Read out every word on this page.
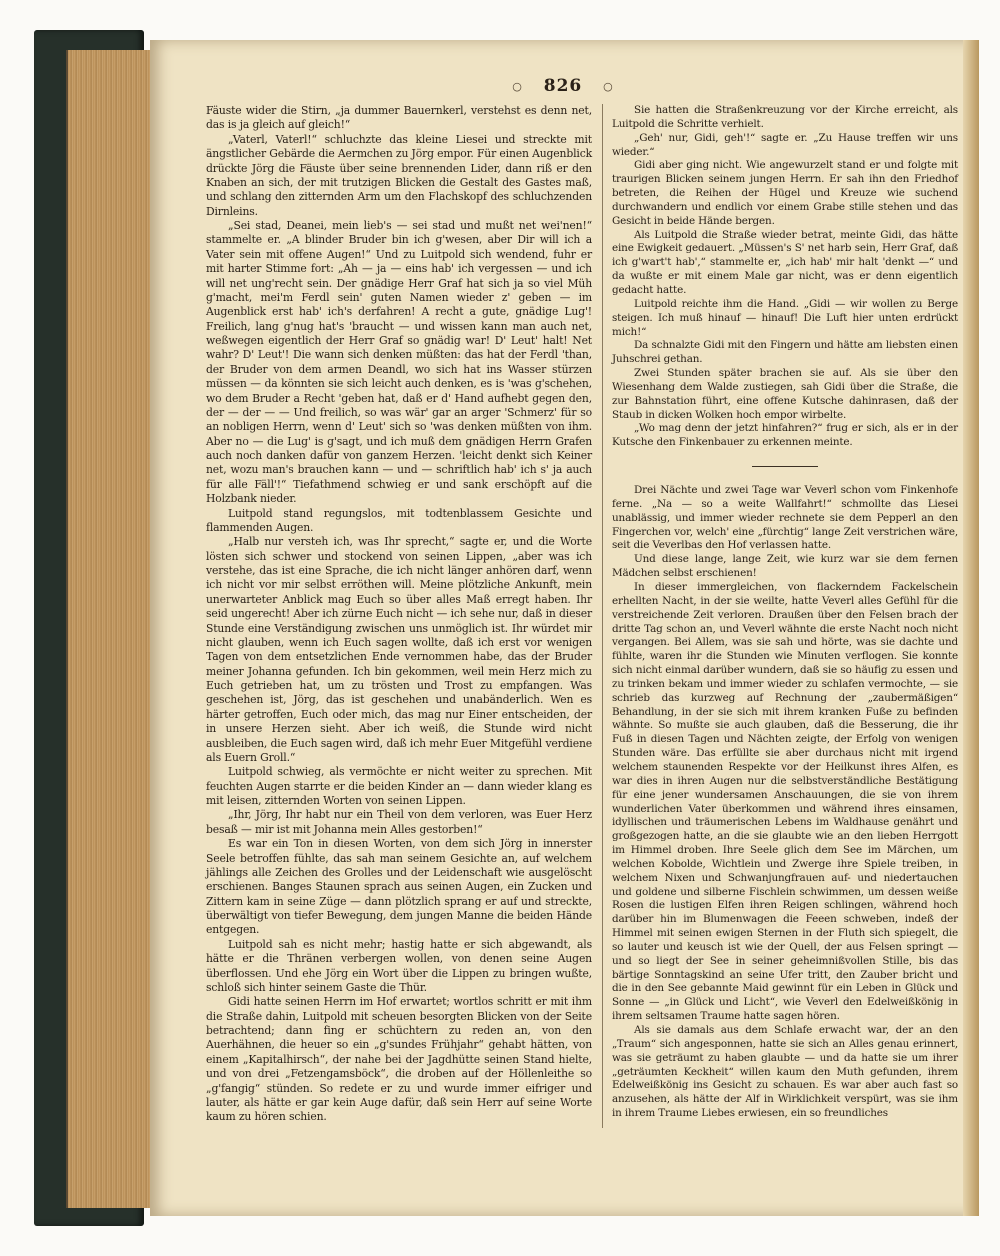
○ 826 ○

Fäuste wider die Stirn, „ja dummer Bauernkerl, verstehst es denn net, das is ja gleich auf gleich!“

„Vaterl, Vaterl!“ schluchzte das kleine Liesei und streckte mit ängstlicher Gebärde die Aermchen zu Jörg empor. Für einen Augenblick drückte Jörg die Fäuste über seine brennenden Lider, dann riß er den Knaben an sich, der mit trutzigen Blicken die Gestalt des Gastes maß, und schlang den zitternden Arm um den Flachskopf des schluchzenden Dirnleins.

„Sei stad, Deanei, mein lieb's — sei stad und mußt net wei'nen!“ stammelte er. „A blinder Bruder bin ich g'wesen, aber Dir will ich a Vater sein mit offene Augen!“ Und zu Luitpold sich wendend, fuhr er mit harter Stimme fort: „Ah — ja — eins hab' ich vergessen — und ich will net ung'recht sein. Der gnädige Herr Graf hat sich ja so viel Müh g'macht, mei'm Ferdl sein' guten Namen wieder z' geben — im Augenblick erst hab' ich's derfahren! A recht a gute, gnädige Lug'! Freilich, lang g'nug hat's 'braucht — und wissen kann man auch net, weßwegen eigentlich der Herr Graf so gnädig war! D' Leut' halt! Net wahr? D' Leut'! Die wann sich denken müßten: das hat der Ferdl 'than, der Bruder von dem armen Deandl, wo sich hat ins Wasser stürzen müssen — da könnten sie sich leicht auch denken, es is 'was g'schehen, wo dem Bruder a Recht 'geben hat, daß er d' Hand aufhebt gegen den, der — der — — Und freilich, so was wär' gar an arger 'Schmerz' für so an nobligen Herrn, wenn d' Leut' sich so 'was denken müßten von ihm. Aber no — die Lug' is g'sagt, und ich muß dem gnädigen Herrn Grafen auch noch danken dafür von ganzem Herzen. 'leicht denkt sich Keiner net, wozu man's brauchen kann — und — schriftlich hab' ich s' ja auch für alle Fäll'!“ Tiefathmend schwieg er und sank erschöpft auf die Holzbank nieder.

Luitpold stand regungslos, mit todtenblassem Gesichte und flammenden Augen.

„Halb nur versteh ich, was Ihr sprecht,“ sagte er, und die Worte lösten sich schwer und stockend von seinen Lippen, „aber was ich verstehe, das ist eine Sprache, die ich nicht länger anhören darf, wenn ich nicht vor mir selbst erröthen will. Meine plötzliche Ankunft, mein unerwarteter Anblick mag Euch so über alles Maß erregt haben. Ihr seid ungerecht! Aber ich zürne Euch nicht — ich sehe nur, daß in dieser Stunde eine Verständigung zwischen uns unmöglich ist. Ihr würdet mir nicht glauben, wenn ich Euch sagen wollte, daß ich erst vor wenigen Tagen von dem entsetzlichen Ende vernommen habe, das der Bruder meiner Johanna gefunden. Ich bin gekommen, weil mein Herz mich zu Euch getrieben hat, um zu trösten und Trost zu empfangen. Was geschehen ist, Jörg, das ist geschehen und unabänderlich. Wen es härter getroffen, Euch oder mich, das mag nur Einer entscheiden, der in unsere Herzen sieht. Aber ich weiß, die Stunde wird nicht ausbleiben, die Euch sagen wird, daß ich mehr Euer Mitgefühl verdiene als Euern Groll.“

Luitpold schwieg, als vermöchte er nicht weiter zu sprechen. Mit feuchten Augen starrte er die beiden Kinder an — dann wieder klang es mit leisen, zitternden Worten von seinen Lippen.

„Ihr, Jörg, Ihr habt nur ein Theil von dem verloren, was Euer Herz besaß — mir ist mit Johanna mein Alles gestorben!“

Es war ein Ton in diesen Worten, von dem sich Jörg in innerster Seele betroffen fühlte, das sah man seinem Gesichte an, auf welchem jählings alle Zeichen des Grolles und der Leidenschaft wie ausgelöscht erschienen. Banges Staunen sprach aus seinen Augen, ein Zucken und Zittern kam in seine Züge — dann plötzlich sprang er auf und streckte, überwältigt von tiefer Bewegung, dem jungen Manne die beiden Hände entgegen.

Luitpold sah es nicht mehr; hastig hatte er sich abgewandt, als hätte er die Thränen verbergen wollen, von denen seine Augen überflossen. Und ehe Jörg ein Wort über die Lippen zu bringen wußte, schloß sich hinter seinem Gaste die Thür.

Gidi hatte seinen Herrn im Hof erwartet; wortlos schritt er mit ihm die Straße dahin, Luitpold mit scheuen besorgten Blicken von der Seite betrachtend; dann fing er schüchtern zu reden an, von den Auerhähnen, die heuer so ein „g'sundes Frühjahr“ gehabt hätten, von einem „Kapitalhirsch“, der nahe bei der Jagdhütte seinen Stand hielte, und von drei „Fetzengamsböck“, die droben auf der Höllenleithe so „g'fangig“ stünden. So redete er zu und wurde immer eifriger und lauter, als hätte er gar kein Auge dafür, daß sein Herr auf seine Worte kaum zu hören schien.

Sie hatten die Straßenkreuzung vor der Kirche erreicht, als Luitpold die Schritte verhielt.

„Geh' nur, Gidi, geh'!“ sagte er. „Zu Hause treffen wir uns wieder.“

Gidi aber ging nicht. Wie angewurzelt stand er und folgte mit traurigen Blicken seinem jungen Herrn. Er sah ihn den Friedhof betreten, die Reihen der Hügel und Kreuze wie suchend durchwandern und endlich vor einem Grabe stille stehen und das Gesicht in beide Hände bergen.

Als Luitpold die Straße wieder betrat, meinte Gidi, das hätte eine Ewigkeit gedauert. „Müssen's S' net harb sein, Herr Graf, daß ich g'wart't hab',“ stammelte er, „ich hab' mir halt 'denkt —“ und da wußte er mit einem Male gar nicht, was er denn eigentlich gedacht hatte.

Luitpold reichte ihm die Hand. „Gidi — wir wollen zu Berge steigen. Ich muß hinauf — hinauf! Die Luft hier unten erdrückt mich!“

Da schnalzte Gidi mit den Fingern und hätte am liebsten einen Juhschrei gethan.

Zwei Stunden später brachen sie auf. Als sie über den Wiesenhang dem Walde zustiegen, sah Gidi über die Straße, die zur Bahnstation führt, eine offene Kutsche dahinrasen, daß der Staub in dicken Wolken hoch empor wirbelte.

„Wo mag denn der jetzt hinfahren?“ frug er sich, als er in der Kutsche den Finkenbauer zu erkennen meinte.

Drei Nächte und zwei Tage war Veverl schon vom Finkenhofe ferne. „Na — so a weite Wallfahrt!“ schmollte das Liesei unablässig, und immer wieder rechnete sie dem Pepperl an den Fingerchen vor, welch' eine „fürchtig“ lange Zeit verstrichen wäre, seit die Veverlbas den Hof verlassen hatte.

Und diese lange, lange Zeit, wie kurz war sie dem fernen Mädchen selbst erschienen!

In dieser immergleichen, von flackerndem Fackelschein erhellten Nacht, in der sie weilte, hatte Veverl alles Gefühl für die verstreichende Zeit verloren. Draußen über den Felsen brach der dritte Tag schon an, und Veverl wähnte die erste Nacht noch nicht vergangen. Bei Allem, was sie sah und hörte, was sie dachte und fühlte, waren ihr die Stunden wie Minuten verflogen. Sie konnte sich nicht einmal darüber wundern, daß sie so häufig zu essen und zu trinken bekam und immer wieder zu schlafen vermochte, — sie schrieb das kurzweg auf Rechnung der „zaubermäßigen“ Behandlung, in der sie sich mit ihrem kranken Fuße zu befinden wähnte. So mußte sie auch glauben, daß die Besserung, die ihr Fuß in diesen Tagen und Nächten zeigte, der Erfolg von wenigen Stunden wäre. Das erfüllte sie aber durchaus nicht mit irgend welchem staunenden Respekte vor der Heilkunst ihres Alfen, es war dies in ihren Augen nur die selbstverständliche Bestätigung für eine jener wundersamen Anschauungen, die sie von ihrem wunderlichen Vater überkommen und während ihres einsamen, idyllischen und träumerischen Lebens im Waldhause genährt und großgezogen hatte, an die sie glaubte wie an den lieben Herrgott im Himmel droben. Ihre Seele glich dem See im Märchen, um welchen Kobolde, Wichtlein und Zwerge ihre Spiele treiben, in welchem Nixen und Schwanjungfrauen auf- und niedertauchen und goldene und silberne Fischlein schwimmen, um dessen weiße Rosen die lustigen Elfen ihren Reigen schlingen, während hoch darüber hin im Blumenwagen die Feeen schweben, indeß der Himmel mit seinen ewigen Sternen in der Fluth sich spiegelt, die so lauter und keusch ist wie der Quell, der aus Felsen springt — und so liegt der See in seiner geheimnißvollen Stille, bis das bärtige Sonntagskind an seine Ufer tritt, den Zauber bricht und die in den See gebannte Maid gewinnt für ein Leben in Glück und Sonne — „in Glück und Licht“, wie Veverl den Edelweißkönig in ihrem seltsamen Traume hatte sagen hören.

Als sie damals aus dem Schlafe erwacht war, der an den „Traum“ sich angesponnen, hatte sie sich an Alles genau erinnert, was sie geträumt zu haben glaubte — und da hatte sie um ihrer „geträumten Keckheit“ willen kaum den Muth gefunden, ihrem Edelweißkönig ins Gesicht zu schauen. Es war aber auch fast so anzusehen, als hätte der Alf in Wirklichkeit verspürt, was sie ihm in ihrem Traume Liebes erwiesen, ein so freundliches
